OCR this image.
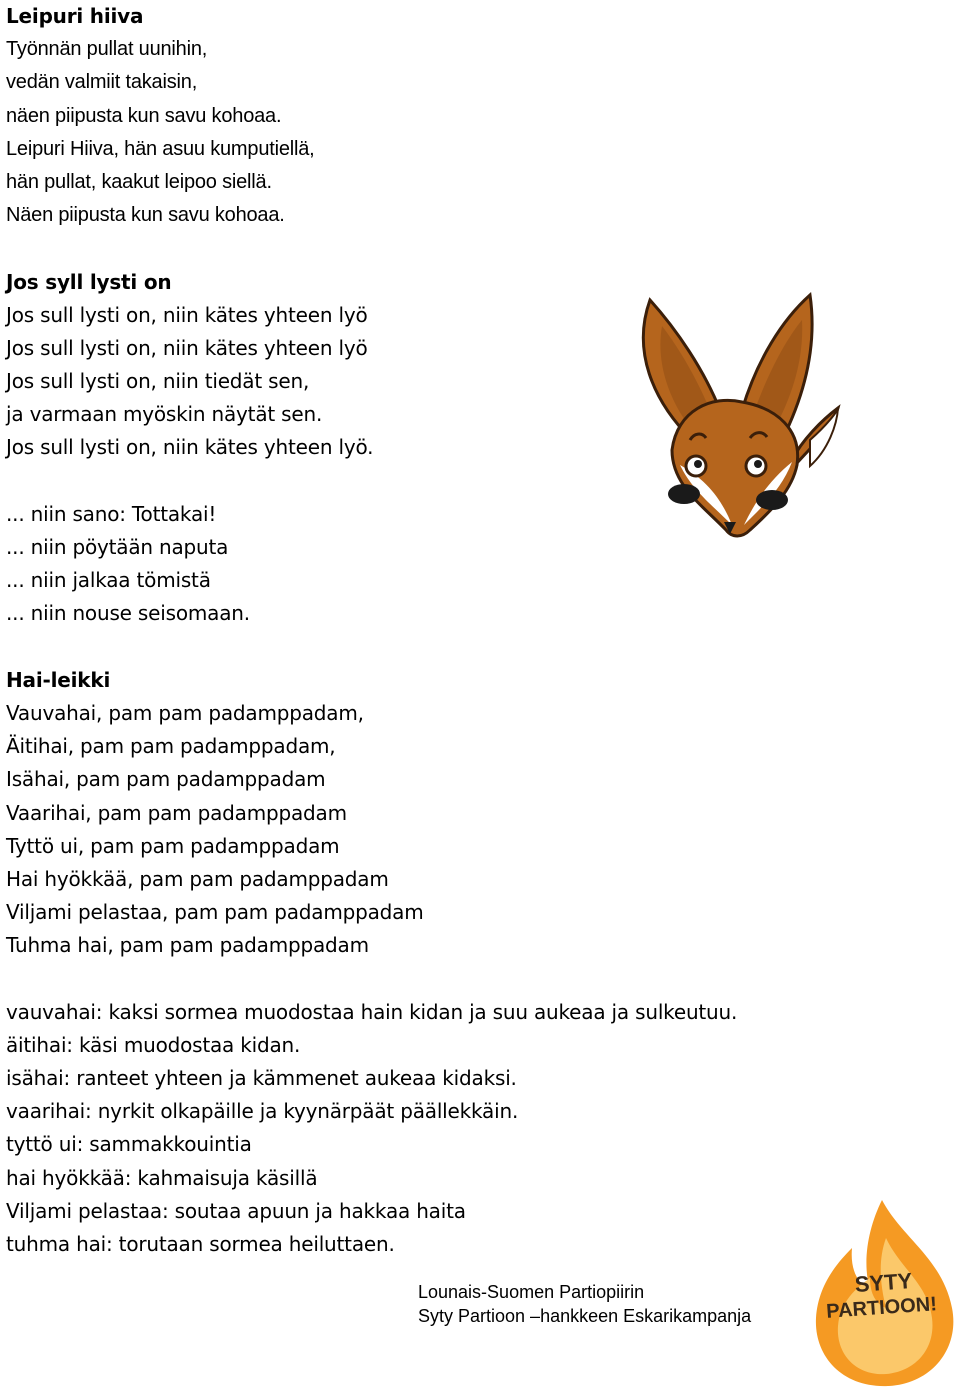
Leipuri hiiva
Työnnän pullat uunihin,
vedän valmiit takaisin,
näen piipusta kun savu kohoaa.
Leipuri Hiiva, hän asuu kumputiellä,
hän pullat, kaakut leipoo siellä.
Näen piipusta kun savu kohoaa.
Jos syll lysti on
Jos sull lysti on, niin kätes yhteen lyö
Jos sull lysti on, niin kätes yhteen lyö
Jos sull lysti on, niin tiedät sen,
ja varmaan myöskin näytät sen.
Jos sull lysti on, niin kätes yhteen lyö.
... niin sano: Tottakai!
... niin pöytään naputa
... niin jalkaa tömistä
... niin nouse seisomaan.
Hai-leikki
Vauvahai, pam pam padamppadam,
Äitihai, pam pam padamppadam,
Isähai, pam pam padamppadam
Vaarihai, pam pam padamppadam
Tyttö ui, pam pam padamppadam
Hai hyökkää, pam pam padamppadam
Viljami pelastaa, pam pam padamppadam
Tuhma hai, pam pam padamppadam
vauvahai: kaksi sormea muodostaa hain kidan ja suu aukeaa ja sulkeutuu.
äitihai: käsi muodostaa kidan.
isähai: ranteet yhteen ja kämmenet aukeaa kidaksi.
vaarihai: nyrkit olkapäille ja kyynärpäät päällekkäin.
tyttö ui: sammakkouintia
hai hyökkää: kahmaisuja käsillä
Viljami pelastaa: soutaa apuun ja hakkaa haita
tuhma hai: torutaan sormea heiluttaen.
Lounais-Suomen Partiopiirin
Syty Partioon –hankkeen Eskarikampanja
SYTY
PARTIOON!
